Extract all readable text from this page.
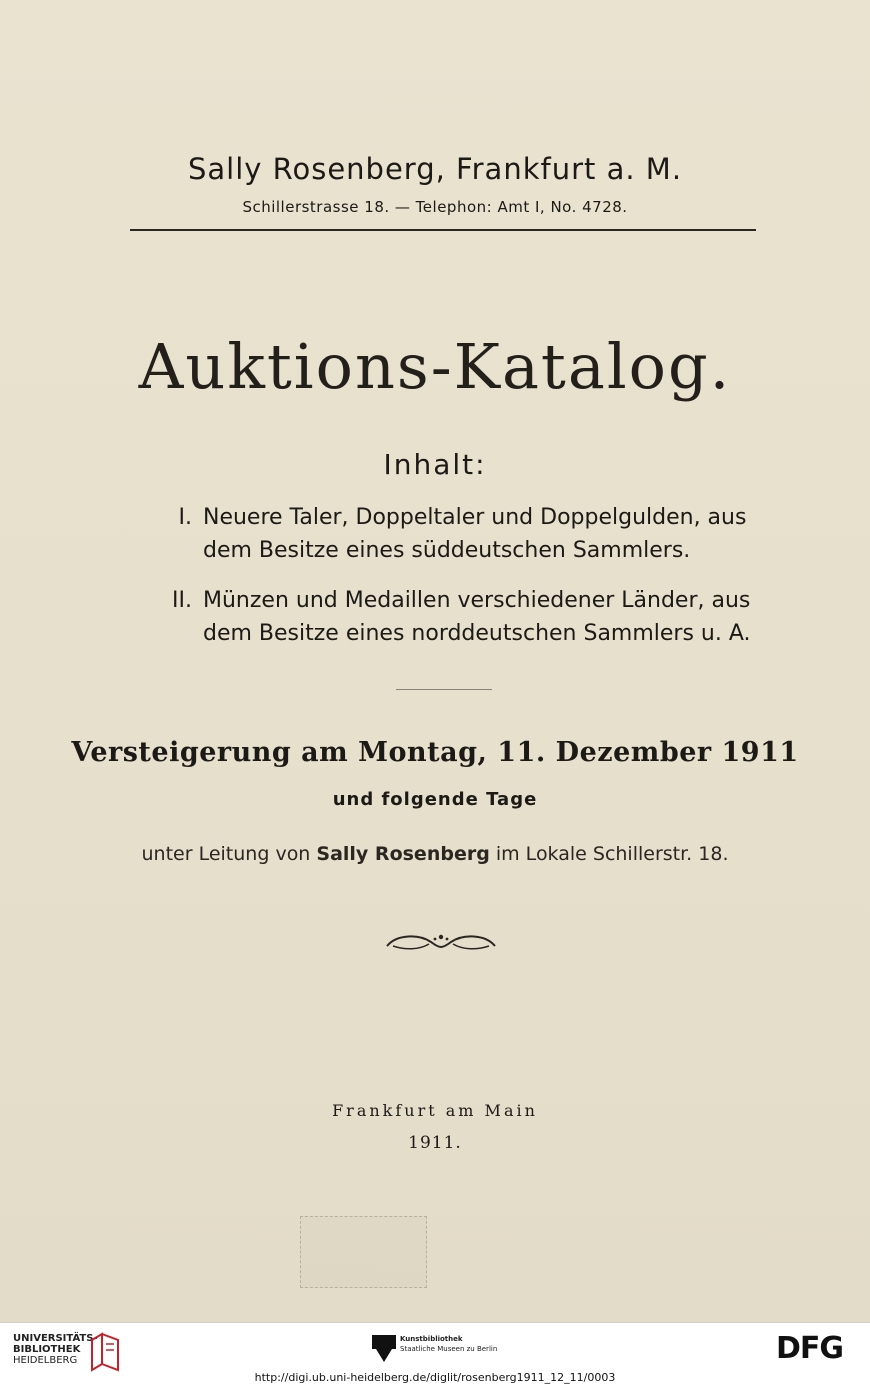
Sally Rosenberg, Frankfurt a. M.
Schillerstrasse 18. — Telephon: Amt I, No. 4728.
Auktions-Katalog.
Inhalt:
I. Neuere Taler, Doppeltaler und Doppelgulden, aus
dem Besitze eines süddeutschen Sammlers.
II. Münzen und Medaillen verschiedener Länder, aus
dem Besitze eines norddeutschen Sammlers u. A.
Versteigerung am Montag, 11. Dezember 1911
und folgende Tage
unter Leitung von Sally Rosenberg im Lokale Schillerstr. 18.
Frankfurt am Main
1911.
UNIVERSITÄTS-
BIBLIOTHEK
HEIDELBERG
Kunstbibliothek
Staatliche Museen zu Berlin	DFG
http://digi.ub.uni-heidelberg.de/diglit/rosenberg1911_12_11/0003
